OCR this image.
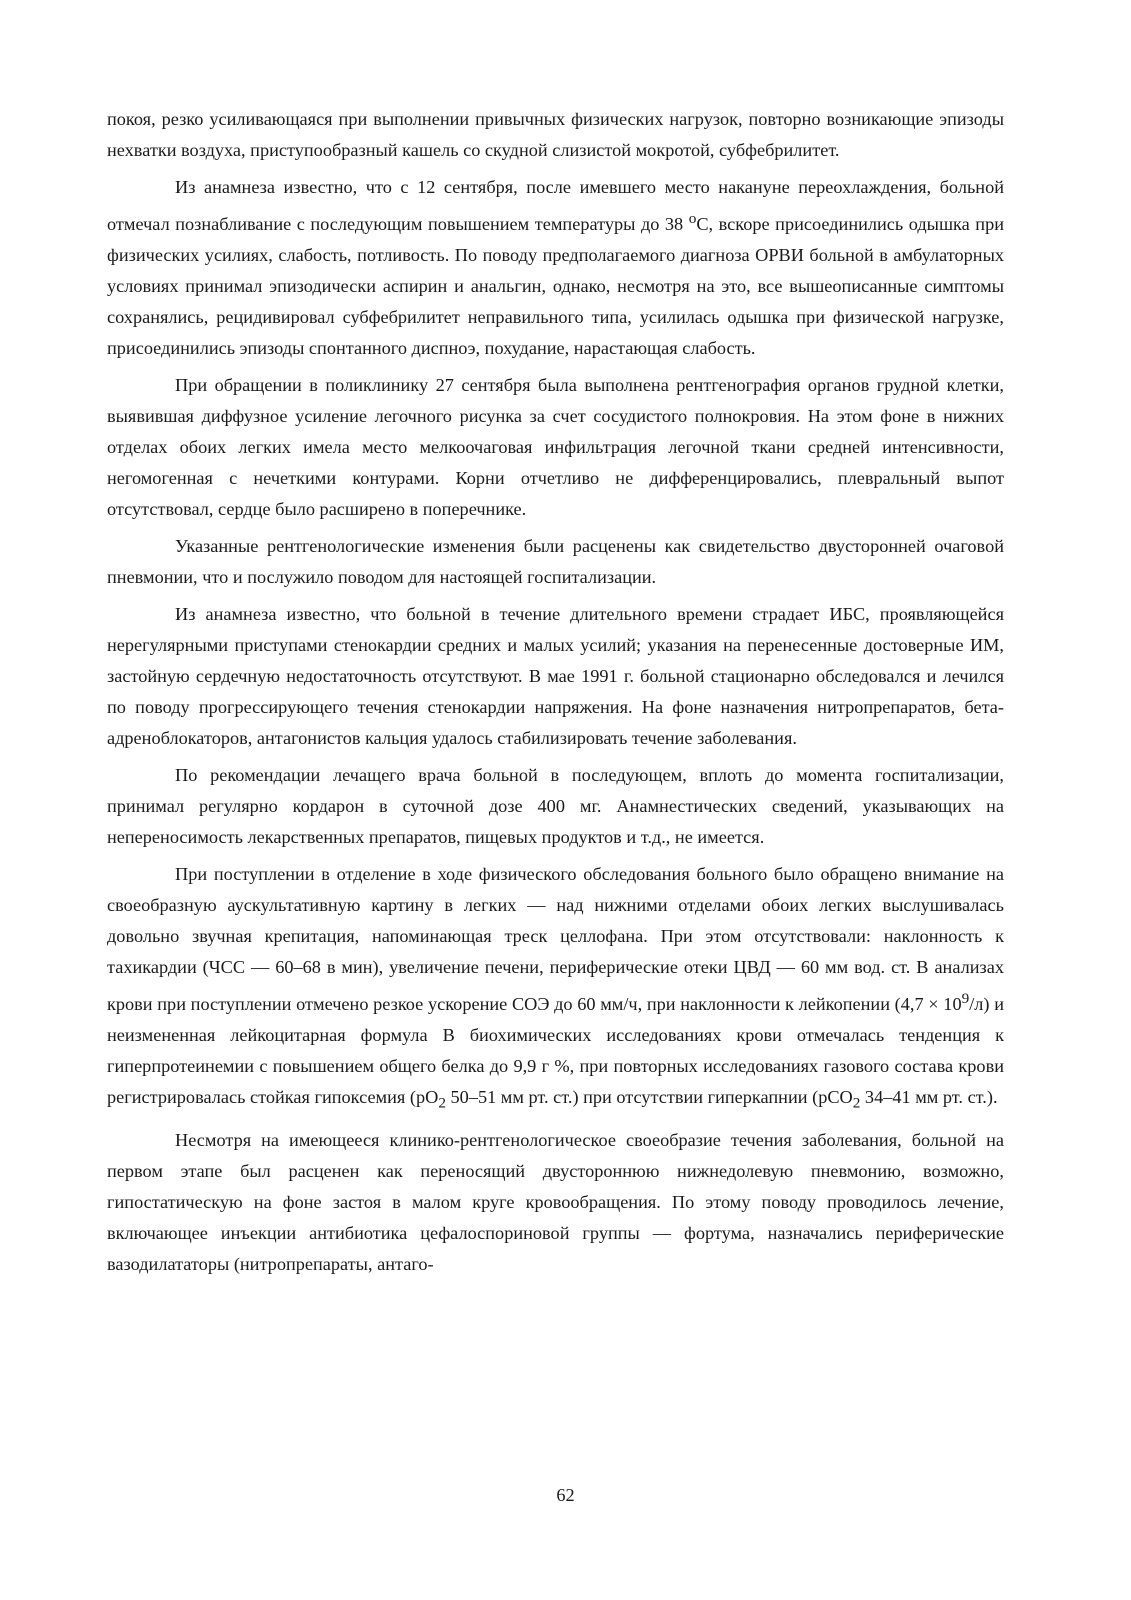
покоя, резко усиливающаяся при выполнении привычных физических нагрузок, повторно возникающие эпизоды нехватки воздуха, приступообразный кашель со скудной слизистой мокротой, субфебрилитет.

Из анамнеза известно, что с 12 сентября, после имевшего место накануне переохлаждения, больной отмечал познабливание с последующим повышением температуры до 38 $^o$С, вскоре присоединились одышка при физических усилиях, слабость, потливость. По поводу предполагаемого диагноза ОРВИ больной в амбулаторных условиях принимал эпизодически аспирин и анальгин, однако, несмотря на это, все вышеописанные симптомы сохранялись, рецидивировал субфебрилитет неправильного типа, усилилась одышка при физической нагрузке, присоединились эпизоды спонтанного диспноэ, похудание, нарастающая слабость.

При обращении в поликлинику 27 сентября была выполнена рентгенография органов грудной клетки, выявившая диффузное усиление легочного рисунка за счет сосудистого полнокровия. На этом фоне в нижних отделах обоих легких имела место мелкоочаговая инфильтрация легочной ткани средней интенсивности, негомогенная с нечеткими контурами. Корни отчетливо не дифференцировались, плевральный выпот отсутствовал, сердце было расширено в поперечнике.

Указанные рентгенологические изменения были расценены как свидетельство двусторонней очаговой пневмонии, что и послужило поводом для настоящей госпитализации.

Из анамнеза известно, что больной в течение длительного времени страдает ИБС, проявляющейся нерегулярными приступами стенокардии средних и малых усилий; указания на перенесенные достоверные ИМ, застойную сердечную недостаточность отсутствуют. В мае 1991 г. больной стационарно обследовался и лечился по поводу прогрессирующего течения стенокардии напряжения. На фоне назначения нитропрепаратов, бета-адреноблокаторов, антагонистов кальция удалось стабилизировать течение заболевания.

По рекомендации лечащего врача больной в последующем, вплоть до момента госпитализации, принимал регулярно кордарон в суточной дозе 400 мг. Анамнестических сведений, указывающих на непереносимость лекарственных препаратов, пищевых продуктов и т.д., не имеется.

При поступлении в отделение в ходе физического обследования больного было обращено внимание на своеобразную аускультативную картину в легких — над нижними отделами обоих легких выслушивалась довольно звучная крепитация, напоминающая треск целлофана. При этом отсутствовали: наклонность к тахикардии (ЧСС — 60–68 в мин), увеличение печени, периферические отеки ЦВД — 60 мм вод. ст. В анализах крови при поступлении отмечено резкое ускорение СОЭ до 60 мм/ч, при наклонности к лейкопении $(4,7 \times 10^9/л)$ и неизмененная лейкоцитарная формула В биохимических исследованиях крови отмечалась тенденция к гиперпротеинемии с повышением общего белка до 9,9 г %, при повторных исследованиях газового состава крови регистрировалась стойкая гипоксемия ($рО_2$ 50–51 мм рт. ст.) при отсутствии гиперкапнии (рСО$_2$ 34–41 мм рт. ст.).

Несмотря на имеющееся клинико-рентгенологическое своеобразие течения заболевания, больной на первом этапе был расценен как переносящий двустороннюю нижнедолевую пневмонию, возможно, гипостатическую на фоне застоя в малом круге кровообращения. По этому поводу проводилось лечение, включающее инъекции антибиотика цефалоспориновой группы — фортума, назначались периферические вазодилататоры (нитропрепараты, антаго-

62
